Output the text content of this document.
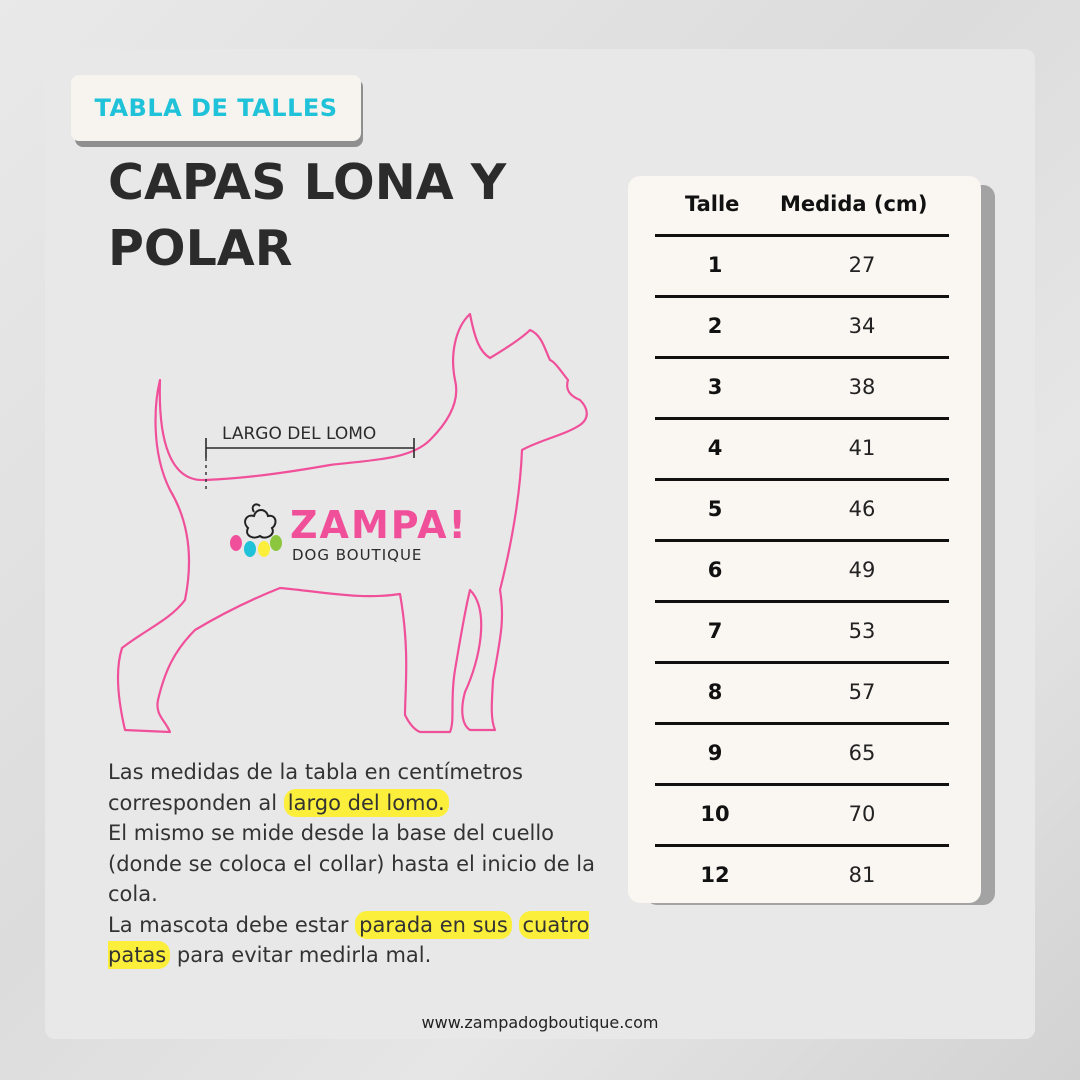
TABLA DE TALLES
CAPAS LONA Y POLAR
LARGO DEL LOMO
ZAMPA!
DOG BOUTIQUE

Las medidas de la tabla en centímetros corresponden al largo del lomo.
El mismo se mide desde la base del cuello (donde se coloca el collar) hasta el inicio de la cola.
La mascota debe estar parada en sus cuatro patas para evitar medirla mal.

Talle Medida (cm)
1	27
2	34
3	38
4	41
5	46
6	49
7	53
8	57
9	65
10	70
12	81
www.zampadogboutique.com
